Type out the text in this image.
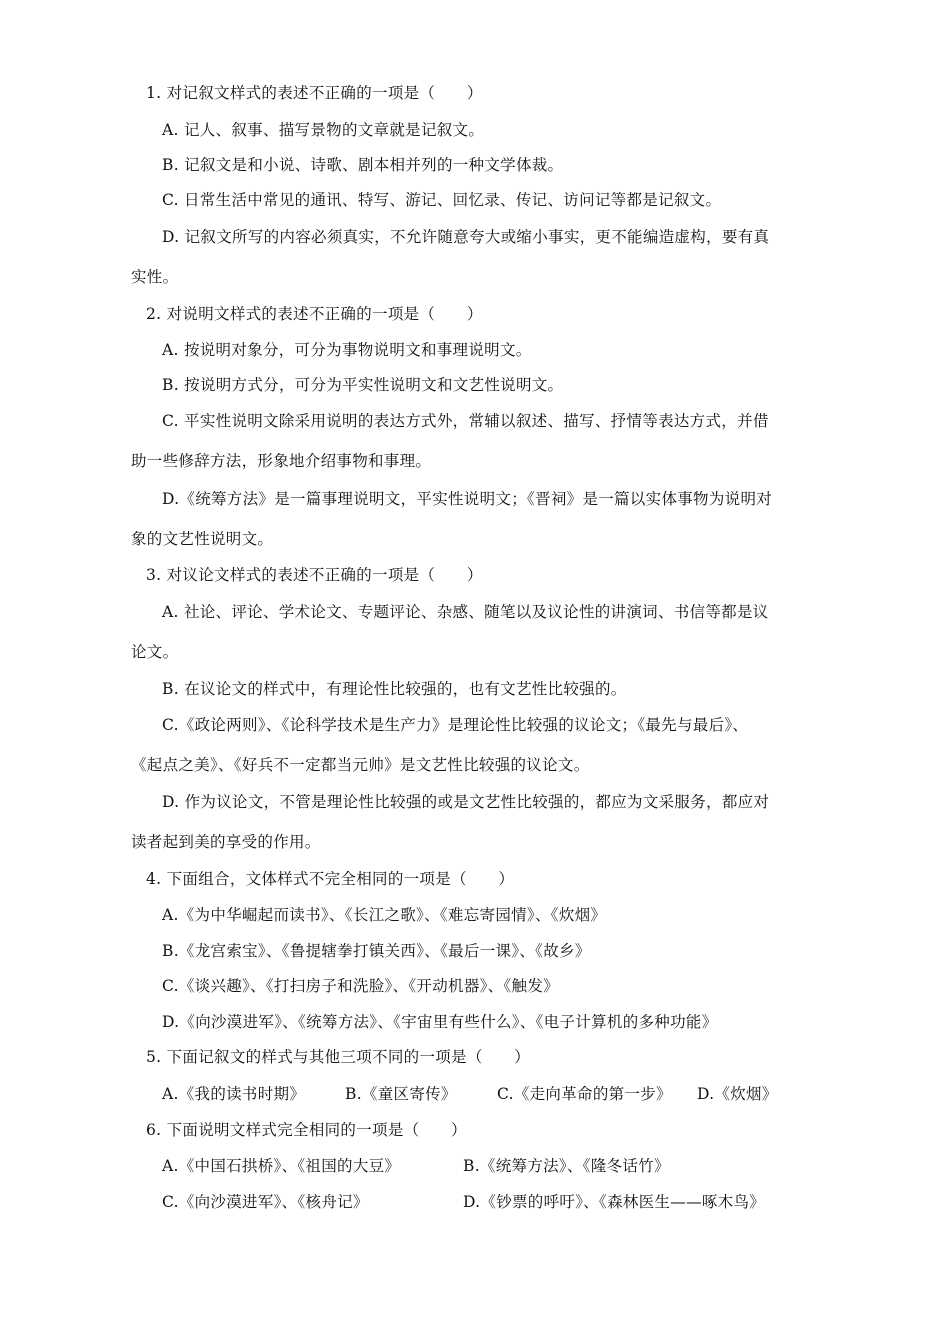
1. 对记叙文样式的表述不正确的一项是（　　）
A. 记人、叙事、描写景物的文章就是记叙文。
B. 记叙文是和小说、诗歌、剧本相并列的一种文学体裁。
C. 日常生活中常见的通讯、特写、游记、回忆录、传记、访问记等都是记叙文。
D. 记叙文所写的内容必须真实，不允许随意夸大或缩小事实，更不能编造虚构，要有真
实性。
2. 对说明文样式的表述不正确的一项是（　　）
A. 按说明对象分，可分为事物说明文和事理说明文。
B. 按说明方式分，可分为平实性说明文和文艺性说明文。
C. 平实性说明文除采用说明的表达方式外，常辅以叙述、描写、抒情等表达方式，并借
助一些修辞方法，形象地介绍事物和事理。
D.《统筹方法》是一篇事理说明文，平实性说明文；《晋祠》是一篇以实体事物为说明对
象的文艺性说明文。
3. 对议论文样式的表述不正确的一项是（　　）
A. 社论、评论、学术论文、专题评论、杂感、随笔以及议论性的讲演词、书信等都是议
论文。
B. 在议论文的样式中，有理论性比较强的，也有文艺性比较强的。
C.《政论两则》、《论科学技术是生产力》是理论性比较强的议论文；《最先与最后》、
《起点之美》、《好兵不一定都当元帅》是文艺性比较强的议论文。
D. 作为议论文，不管是理论性比较强的或是文艺性比较强的，都应为文采服务，都应对
读者起到美的享受的作用。
4. 下面组合，文体样式不完全相同的一项是（　　）
A.《为中华崛起而读书》、《长江之歌》、《难忘寄园情》、《炊烟》
B.《龙宫索宝》、《鲁提辖拳打镇关西》、《最后一课》、《故乡》
C.《谈兴趣》、《打扫房子和洗脸》、《开动机器》、《触发》
D.《向沙漠进军》、《统筹方法》、《宇宙里有些什么》、《电子计算机的多种功能》
5. 下面记叙文的样式与其他三项不同的一项是（　　）
A.《我的读书时期》	B.《童区寄传》	C.《走向革命的第一步》 D.《炊烟》
6. 下面说明文样式完全相同的一项是（　　）
A.《中国石拱桥》、《祖国的大豆》	B.《统筹方法》、《隆冬话竹》
C.《向沙漠进军》、《核舟记》	D.《钞票的呼吁》、《森林医生——啄木鸟》
